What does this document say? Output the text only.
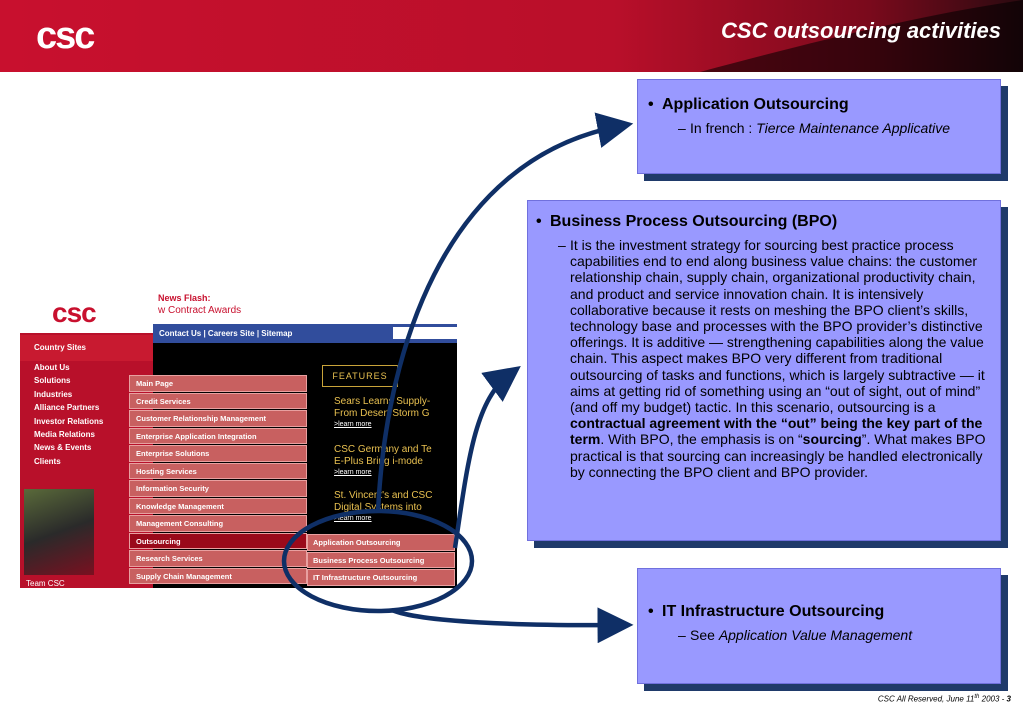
csc	CSC outsourcing activities
csc	News Flash:
w Contract Awards
Contact Us | Careers Site | Sitemap
Country Sites
About Us
Solutions
Industries
Alliance Partners
Investor Relations
Media Relations
News & Events
Clients
Team CSC
FEATURES
Sears Learns Supply-
From Desert Storm G
>learn more
CSC Germany and Te
E-Plus Bring i-mode
>learn more
St. Vincent's and CSC
Digital Systems into
>learn more
Main Page
Credit Services
Customer Relationship Management
Enterprise Application Integration
Enterprise Solutions
Hosting Services
Information Security
Knowledge Management
Management Consulting
Outsourcing
Research Services
Supply Chain Management
Application Outsourcing
Business Process Outsourcing
IT Infrastructure Outsourcing
• Application Outsourcing
– In french : Tierce Maintenance Applicative
• Business Process Outsourcing (BPO)
– It is the investment strategy for sourcing best practice process capabilities end to end along business value chains: the customer relationship chain, supply chain, organizational productivity chain, and product and service innovation chain. It is intensively collaborative because it rests on meshing the BPO client’s skills, technology base and processes with the BPO provider’s distinctive offerings. It is additive — strengthening capabilities along the value chain. This aspect makes BPO very different from traditional outsourcing of tasks and functions, which is largely subtractive — it aims at getting rid of something using an “out of sight, out of mind” (and off my budget) tactic. In this scenario, outsourcing is a contractual agreement with the “out” being the key part of the term. With BPO, the emphasis is on “sourcing”. What makes BPO practical is that sourcing can increasingly be handled electronically by connecting the BPO client and BPO provider.
• IT Infrastructure Outsourcing
– See Application Value Management
CSC All Reserved, June 11th 2003 - 3
